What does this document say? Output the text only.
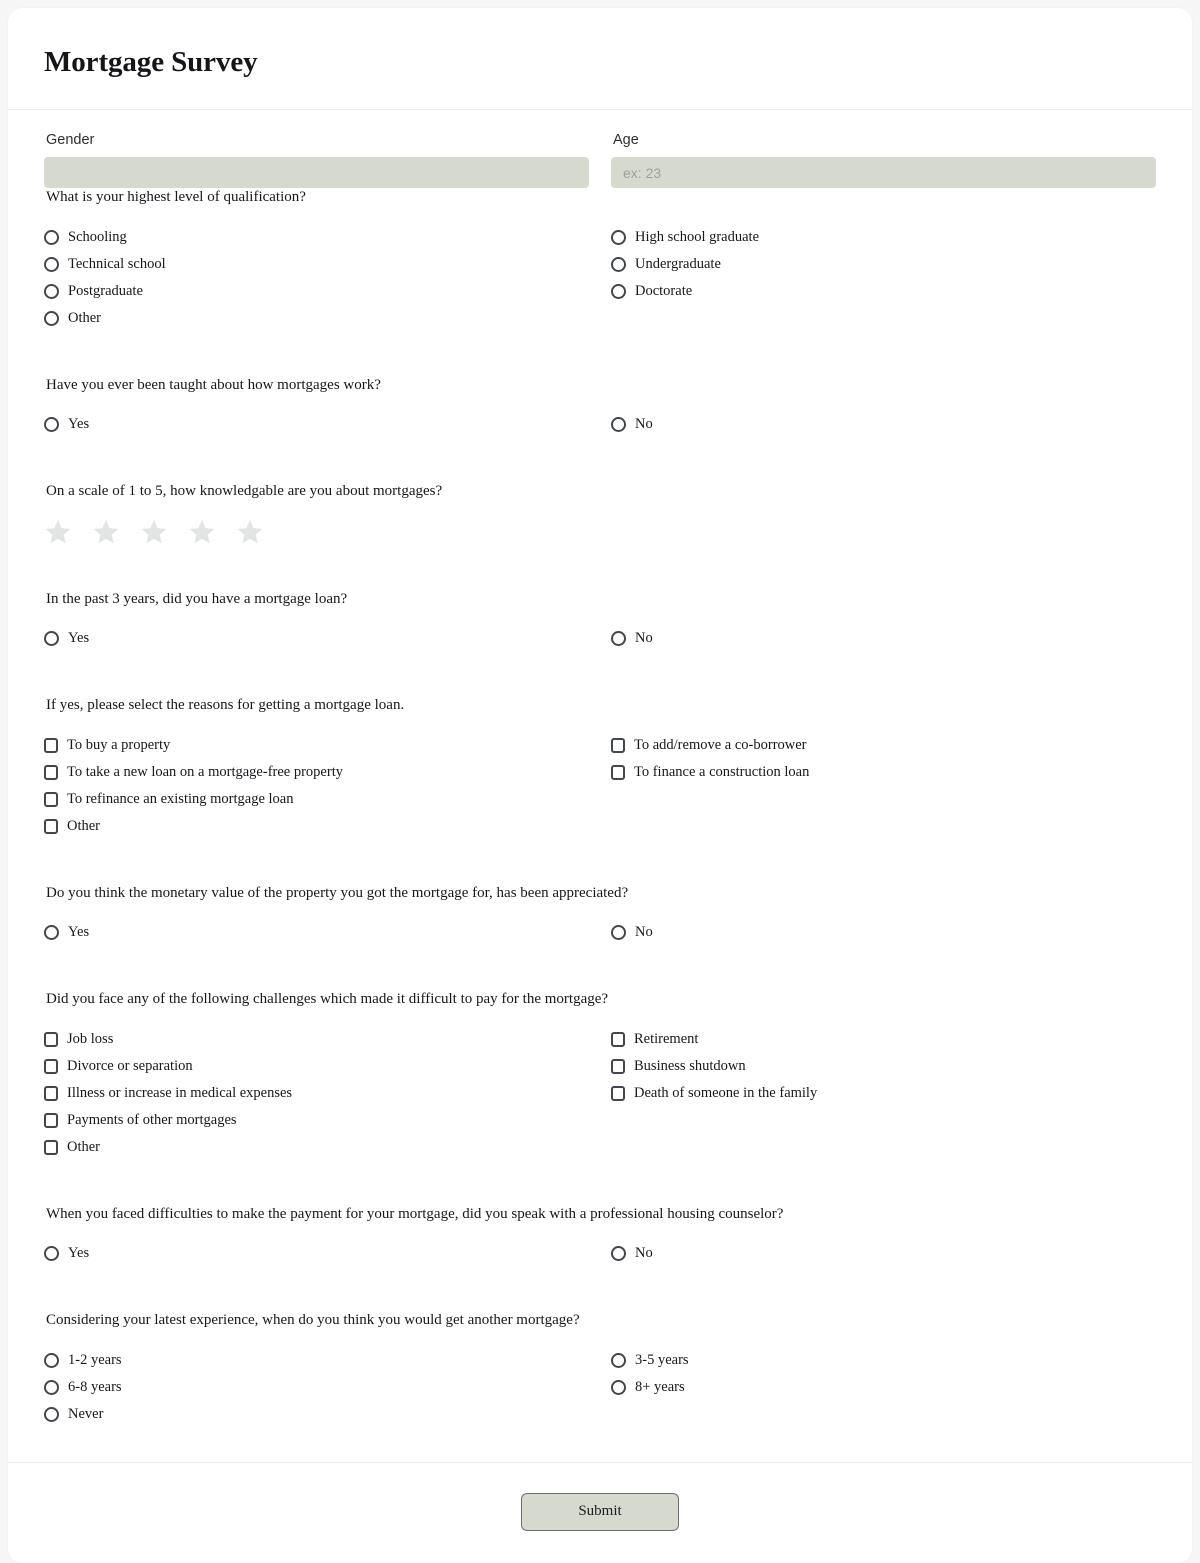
Mortgage Survey
Gender	Age
ex: 23
What is your highest level of qualification?
Schooling
Technical school
Postgraduate
Other
High school graduate
Undergraduate
Doctorate
Have you ever been taught about how mortgages work?
Yes	No
On a scale of 1 to 5, how knowledgable are you about mortgages?
In the past 3 years, did you have a mortgage loan?
Yes	No
If yes, please select the reasons for getting a mortgage loan.
To buy a property
To take a new loan on a mortgage-free property
To refinance an existing mortgage loan
Other
To add/remove a co-borrower
To finance a construction loan
Do you think the monetary value of the property you got the mortgage for, has been appreciated?
Yes	No
Did you face any of the following challenges which made it difficult to pay for the mortgage?
Job loss
Divorce or separation
Illness or increase in medical expenses
Payments of other mortgages
Other
Retirement
Business shutdown
Death of someone in the family
When you faced difficulties to make the payment for your mortgage, did you speak with a professional housing counselor?
Yes	No
Considering your latest experience, when do you think you would get another mortgage?
1-2 years
6-8 years
Never
3-5 years
8+ years
Submit
